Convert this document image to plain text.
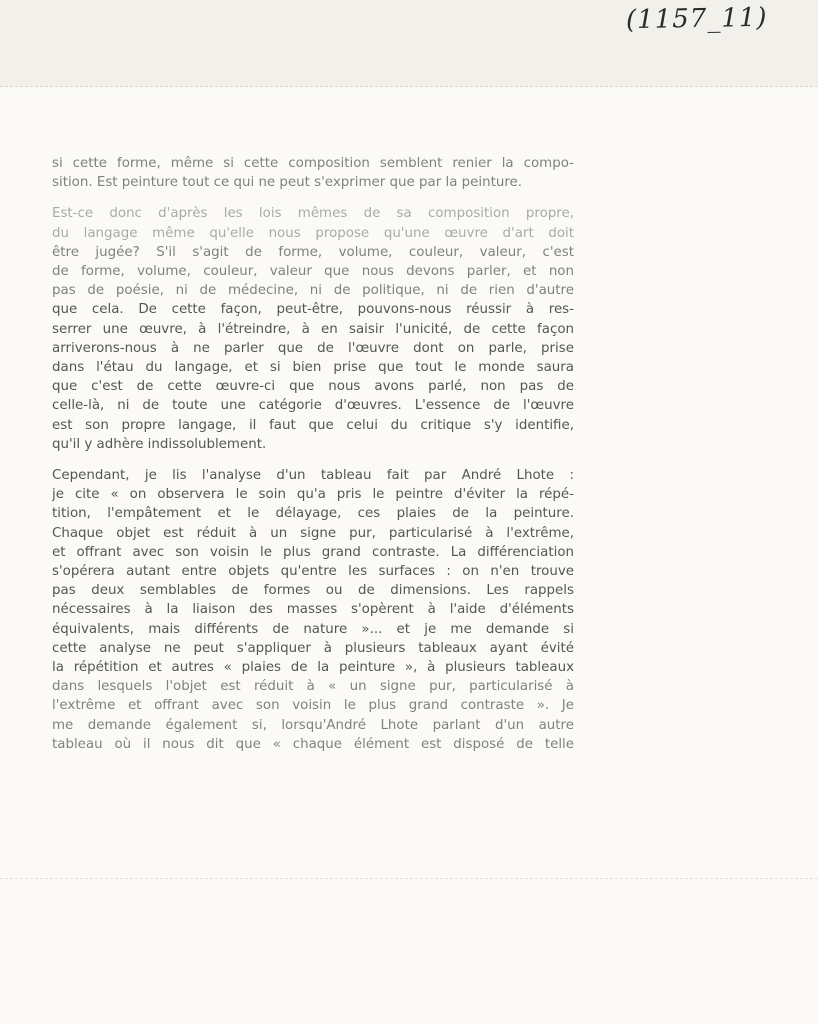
(1157_11)

si cette forme, même si cette composition semblent renier la compo-
sition. Est peinture tout ce qui ne peut s'exprimer que par la peinture.

Est-ce donc d'après les lois mêmes de sa composition propre,
du langage même qu'elle nous propose qu'une œuvre d'art doit
être jugée? S'il s'agit de forme, volume, couleur, valeur, c'est
de forme, volume, couleur, valeur que nous devons parler, et non
pas de poésie, ni de médecine, ni de politique, ni de rien d'autre
que cela. De cette façon, peut-être, pouvons-nous réussir à res-
serrer une œuvre, à l'étreindre, à en saisir l'unicité, de cette façon
arriverons-nous à ne parler que de l'œuvre dont on parle, prise
dans l'étau du langage, et si bien prise que tout le monde saura
que c'est de cette œuvre-ci que nous avons parlé, non pas de
celle-là, ni de toute une catégorie d'œuvres. L'essence de l'œuvre
est son propre langage, il faut que celui du critique s'y identifie,
qu'il y adhère indissolublement.

Cependant, je lis l'analyse d'un tableau fait par André Lhote :
je cite « on observera le soin qu'a pris le peintre d'éviter la répé-
tition, l'empâtement et le délayage, ces plaies de la peinture.
Chaque objet est réduit à un signe pur, particularisé à l'extrême,
et offrant avec son voisin le plus grand contraste. La différenciation
s'opérera autant entre objets qu'entre les surfaces : on n'en trouve
pas deux semblables de formes ou de dimensions. Les rappels
nécessaires à la liaison des masses s'opèrent à l'aide d'éléments
équivalents, mais différents de nature »... et je me demande si
cette analyse ne peut s'appliquer à plusieurs tableaux ayant évité
la répétition et autres « plaies de la peinture », à plusieurs tableaux
dans lesquels l'objet est réduit à « un signe pur, particularisé à
l'extrême et offrant avec son voisin le plus grand contraste ». Je
me demande également si, lorsqu'André Lhote parlant d'un autre
tableau où il nous dit que « chaque élément est disposé de telle
